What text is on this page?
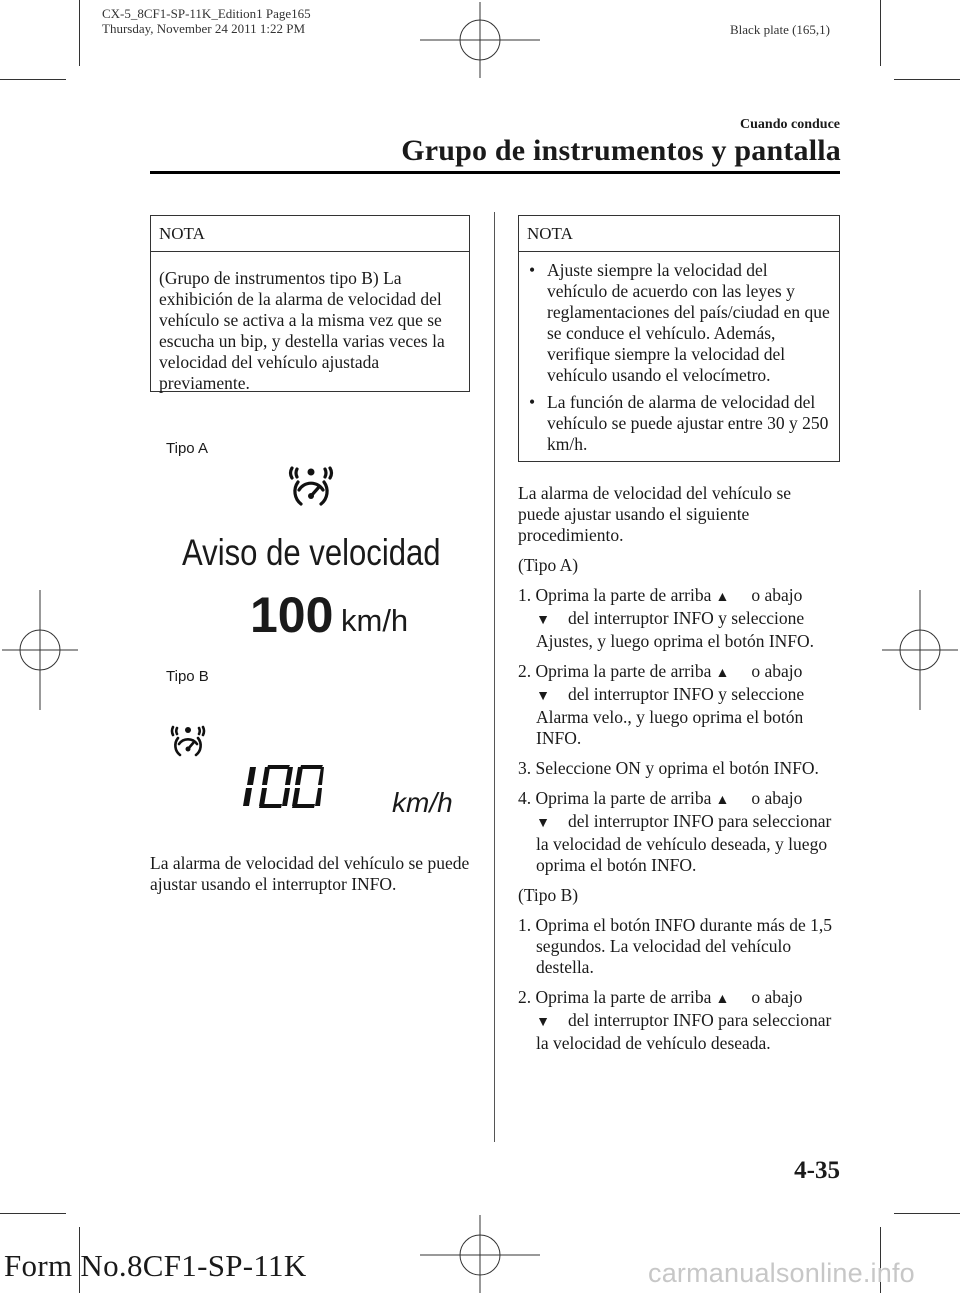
CX-5_8CF1-SP-11K_Edition1 Page165
Thursday, November 24 2011 1:22 PM	Black plate (165,1)
Cuando conduce
Grupo de instrumentos y pantalla
NOTA
(Grupo de instrumentos tipo B) La exhibición de la alarma de velocidad del vehículo se activa a la misma vez que se escucha un bip, y destella varias veces la velocidad del vehículo ajustada previamente.
Tipo A
Aviso de velocidad
100 km/h
Tipo B
km/h
La alarma de velocidad del vehículo se puede ajustar usando el interruptor INFO.
NOTA
• Ajuste siempre la velocidad del vehículo de acuerdo con las leyes y reglamentaciones del país/ciudad en que se conduce el vehículo. Además, verifique siempre la velocidad del vehículo usando el velocímetro.
• La función de alarma de velocidad del vehículo se puede ajustar entre 30 y 250 km/h.
La alarma de velocidad del vehículo se puede ajustar usando el siguiente procedimiento.
(Tipo A)
1. Oprima la parte de arriba ▲ o abajo ▼ del interruptor INFO y seleccione Ajustes, y luego oprima el botón INFO.
2. Oprima la parte de arriba ▲ o abajo ▼ del interruptor INFO y seleccione Alarma velo., y luego oprima el botón INFO.
3. Seleccione ON y oprima el botón INFO.
4. Oprima la parte de arriba ▲ o abajo ▼ del interruptor INFO para seleccionar la velocidad de vehículo deseada, y luego oprima el botón INFO.
(Tipo B)
1. Oprima el botón INFO durante más de 1,5 segundos. La velocidad del vehículo destella.
2. Oprima la parte de arriba ▲ o abajo ▼ del interruptor INFO para seleccionar la velocidad de vehículo deseada.
4-35
Form No.8CF1-SP-11K	carmanualsonline.info
